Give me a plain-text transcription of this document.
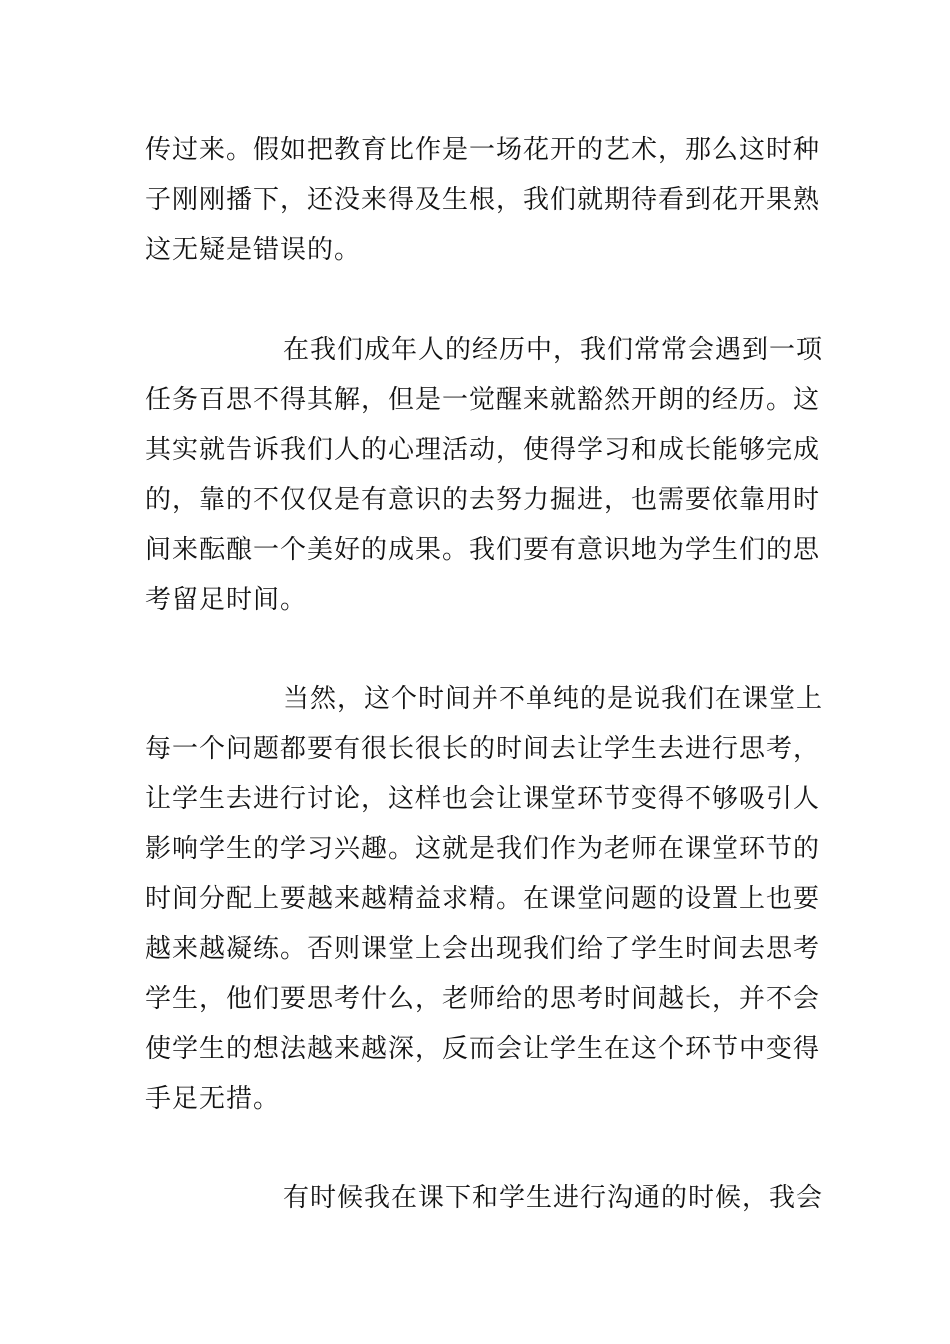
传过来。假如把教育比作是一场花开的艺术，那么这时种
子刚刚播下，还没来得及生根，我们就期待看到花开果熟
这无疑是错误的。
在我们成年人的经历中，我们常常会遇到一项
任务百思不得其解，但是一觉醒来就豁然开朗的经历。这
其实就告诉我们人的心理活动，使得学习和成长能够完成
的，靠的不仅仅是有意识的去努力掘进，也需要依靠用时
间来酝酿一个美好的成果。我们要有意识地为学生们的思
考留足时间。
当然，这个时间并不单纯的是说我们在课堂上
每一个问题都要有很长很长的时间去让学生去进行思考，
让学生去进行讨论，这样也会让课堂环节变得不够吸引人
影响学生的学习兴趣。这就是我们作为老师在课堂环节的
时间分配上要越来越精益求精。在课堂问题的设置上也要
越来越凝练。否则课堂上会出现我们给了学生时间去思考
学生，他们要思考什么，老师给的思考时间越长，并不会
使学生的想法越来越深，反而会让学生在这个环节中变得
手足无措。
有时候我在课下和学生进行沟通的时候，我会
